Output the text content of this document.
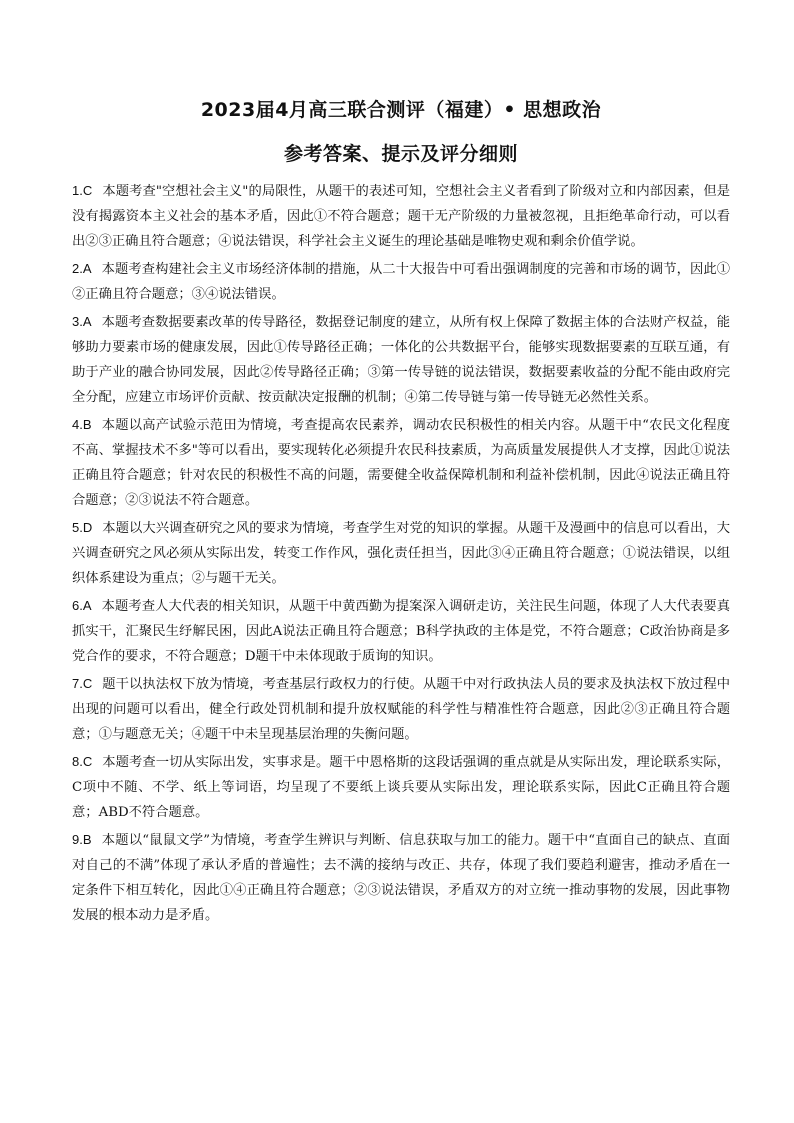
2023届4月高三联合测评（福建）• 思想政治
参考答案、提示及评分细则

1.C 本题考查"空想社会主义"的局限性，从题干的表述可知，空想社会主义者看到了阶级对立和内部因素，但是没有揭露资本主义社会的基本矛盾，因此①不符合题意；题干无产阶级的力量被忽视，且拒绝革命行动，可以看出②③正确且符合题意；④说法错误，科学社会主义诞生的理论基础是唯物史观和剩余价值学说。

2.A 本题考查构建社会主义市场经济体制的措施，从二十大报告中可看出强调制度的完善和市场的调节，因此①②正确且符合题意；③④说法错误。

3.A 本题考查数据要素改革的传导路径，数据登记制度的建立，从所有权上保障了数据主体的合法财产权益，能够助力要素市场的健康发展，因此①传导路径正确；一体化的公共数据平台，能够实现数据要素的互联互通，有助于产业的融合协同发展，因此②传导路径正确；③第一传导链的说法错误，数据要素收益的分配不能由政府完全分配，应建立市场评价贡献、按贡献决定报酬的机制；④第二传导链与第一传导链无必然性关系。

4.B 本题以高产试验示范田为情境，考查提高农民素养，调动农民积极性的相关内容。从题干中“农民文化程度不高、掌握技术不多"等可以看出，要实现转化必须提升农民科技素质，为高质量发展提供人才支撑，因此①说法正确且符合题意；针对农民的积极性不高的问题，需要健全收益保障机制和利益补偿机制，因此④说法正确且符合题意；②③说法不符合题意。

5.D 本题以大兴调查研究之风的要求为情境，考查学生对党的知识的掌握。从题干及漫画中的信息可以看出，大兴调查研究之风必须从实际出发，转变工作作风，强化责任担当，因此③④正确且符合题意；①说法错误，以组织体系建设为重点；②与题干无关。

6.A 本题考查人大代表的相关知识，从题干中黄西勤为提案深入调研走访，关注民生问题，体现了人大代表要真抓实干，汇聚民生纾解民困，因此A说法正确且符合题意；B科学执政的主体是党，不符合题意；C政治协商是多党合作的要求，不符合题意；D题干中未体现敢于质询的知识。

7.C 题干以执法权下放为情境，考查基层行政权力的行使。从题干中对行政执法人员的要求及执法权下放过程中出现的问题可以看出，健全行政处罚机制和提升放权赋能的科学性与精准性符合题意，因此②③正确且符合题意；①与题意无关；④题干中未呈现基层治理的失衡问题。

8.C 本题考查一切从实际出发，实事求是。题干中恩格斯的这段话强调的重点就是从实际出发，理论联系实际，C项中不随、不学、纸上等词语，均呈现了不要纸上谈兵要从实际出发，理论联系实际，因此C正确且符合题意；ABD不符合题意。

9.B 本题以“鼠鼠文学”为情境，考查学生辨识与判断、信息获取与加工的能力。题干中“直面自己的缺点、直面对自己的不满”体现了承认矛盾的普遍性；去不满的接纳与改正、共存，体现了我们要趋利避害，推动矛盾在一定条件下相互转化，因此①④正确且符合题意；②③说法错误，矛盾双方的对立统一推动事物的发展，因此事物发展的根本动力是矛盾。
